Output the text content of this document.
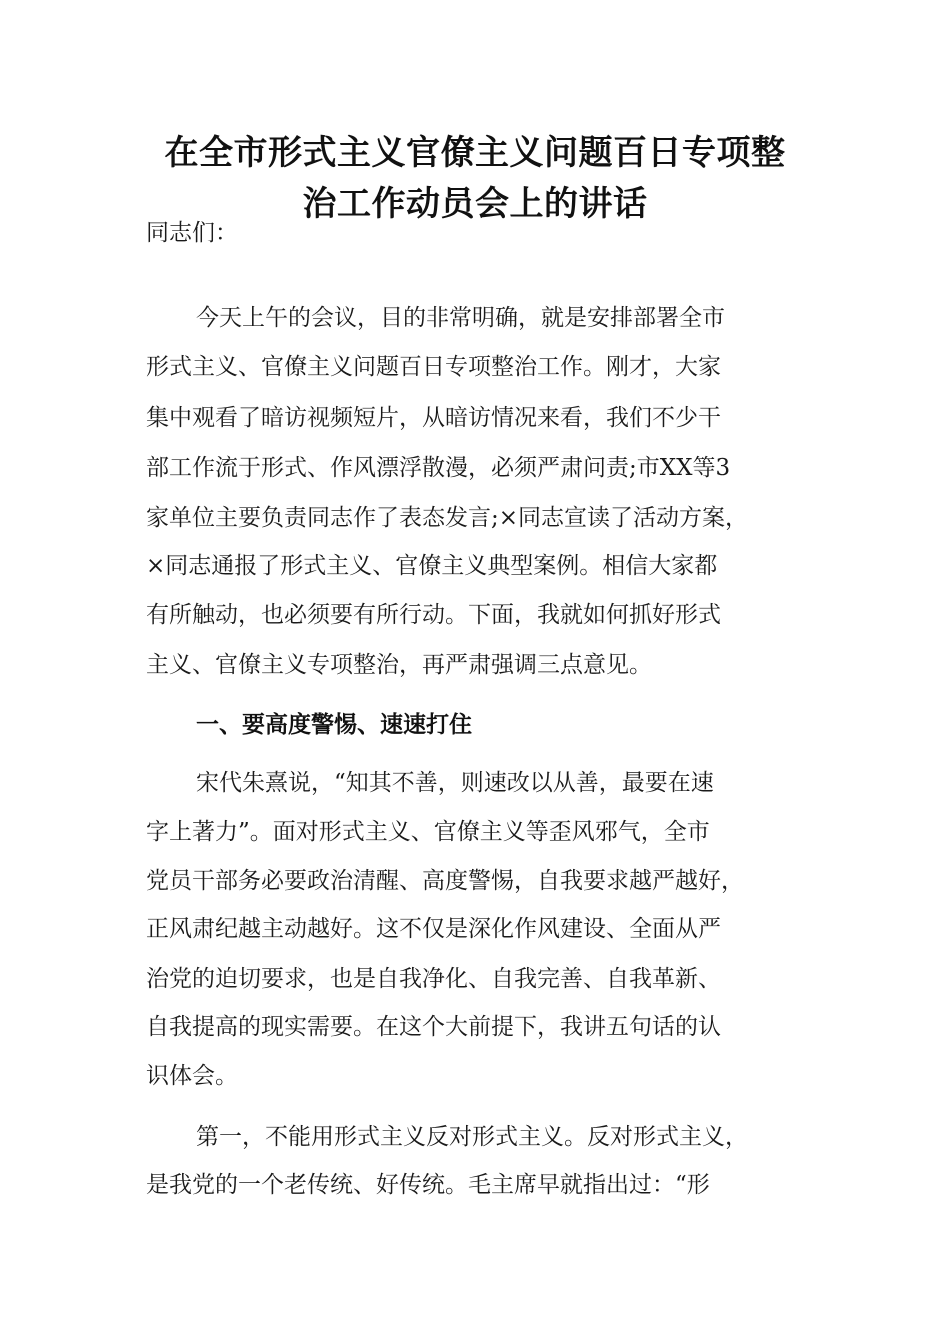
在全市形式主义官僚主义问题百日专项整
治工作动员会上的讲话
同志们：
今天上午的会议，目的非常明确，就是安排部署全市
形式主义、官僚主义问题百日专项整治工作。刚才，大家
集中观看了暗访视频短片，从暗访情况来看，我们不少干
部工作流于形式、作风漂浮散漫，必须严肃问责;市XX等3
家单位主要负责同志作了表态发言;×同志宣读了活动方案，
×同志通报了形式主义、官僚主义典型案例。相信大家都
有所触动，也必须要有所行动。下面，我就如何抓好形式
主义、官僚主义专项整治，再严肃强调三点意见。
一、要高度警惕、速速打住
宋代朱熹说，“知其不善，则速改以从善，最要在速
字上著力”。面对形式主义、官僚主义等歪风邪气，全市
党员干部务必要政治清醒、高度警惕，自我要求越严越好，
正风肃纪越主动越好。这不仅是深化作风建设、全面从严
治党的迫切要求，也是自我净化、自我完善、自我革新、
自我提高的现实需要。在这个大前提下，我讲五句话的认
识体会。
第一，不能用形式主义反对形式主义。反对形式主义，
是我党的一个老传统、好传统。毛主席早就指出过：“形
